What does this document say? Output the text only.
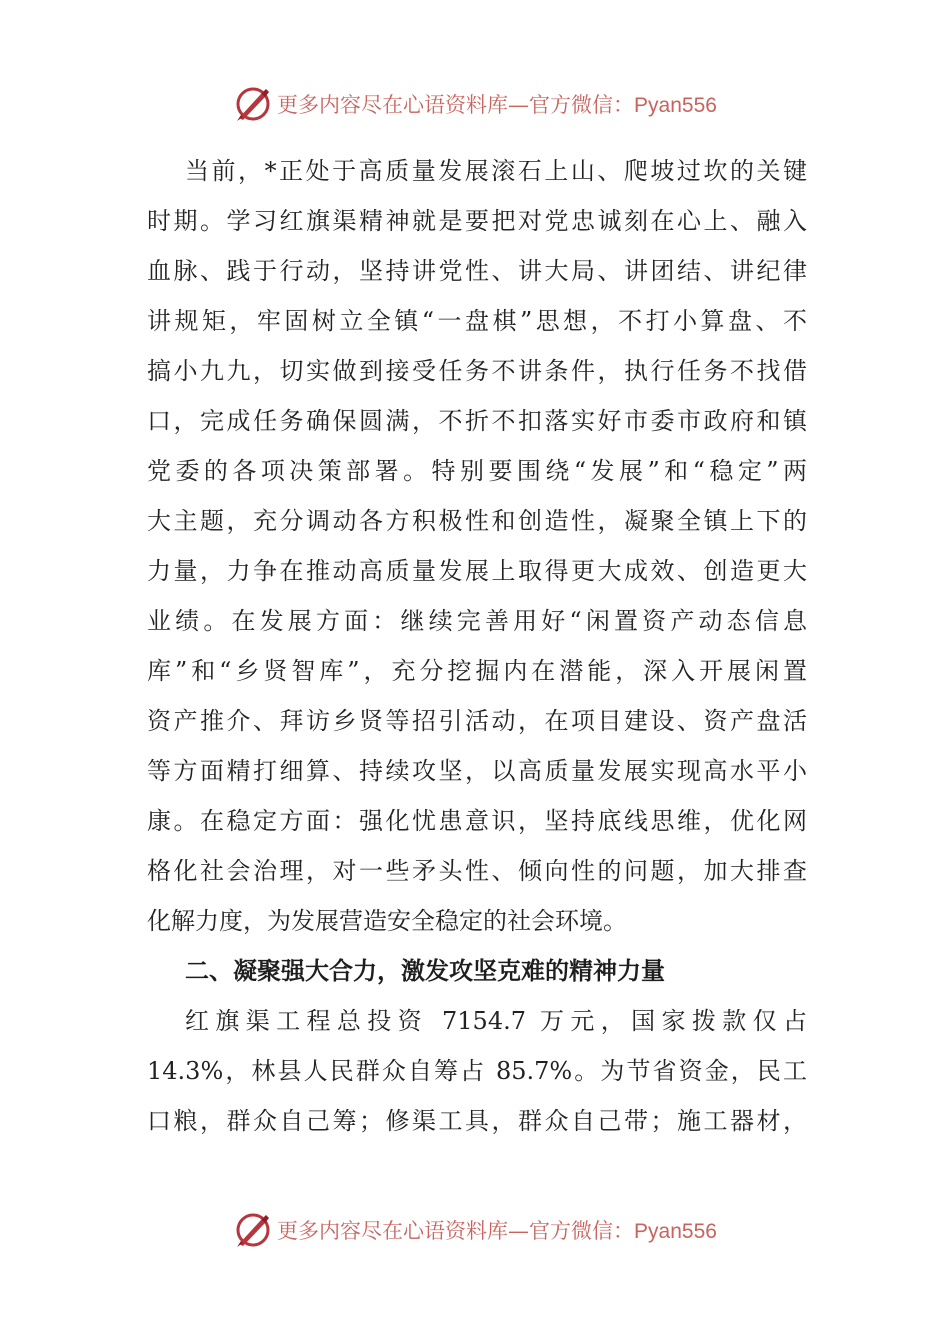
更多内容尽在心语资料库—官方微信：Pyan556
当前，*正处于高质量发展滚石上山、爬坡过坎的关键
时期。学习红旗渠精神就是要把对党忠诚刻在心上、融入
血脉、践于行动，坚持讲党性、讲大局、讲团结、讲纪律
讲规矩，牢固树立全镇“一盘棋”思想，不打小算盘、不
搞小九九，切实做到接受任务不讲条件，执行任务不找借
口，完成任务确保圆满，不折不扣落实好市委市政府和镇
党委的各项决策部署。特别要围绕“发展”和“稳定”两
大主题，充分调动各方积极性和创造性，凝聚全镇上下的
力量，力争在推动高质量发展上取得更大成效、创造更大
业绩。在发展方面：继续完善用好“闲置资产动态信息
库”和“乡贤智库”，充分挖掘内在潜能，深入开展闲置
资产推介、拜访乡贤等招引活动，在项目建设、资产盘活
等方面精打细算、持续攻坚，以高质量发展实现高水平小
康。在稳定方面：强化忧患意识，坚持底线思维，优化网
格化社会治理，对一些矛头性、倾向性的问题，加大排查
化解力度，为发展营造安全稳定的社会环境。
二、凝聚强大合力，激发攻坚克难的精神力量
红旗渠工程总投资 7154.7 万元，国家拨款仅占
14.3%，林县人民群众自筹占 85.7%。为节省资金，民工
口粮，群众自己筹；修渠工具，群众自己带；施工器材，
更多内容尽在心语资料库—官方微信：Pyan556
